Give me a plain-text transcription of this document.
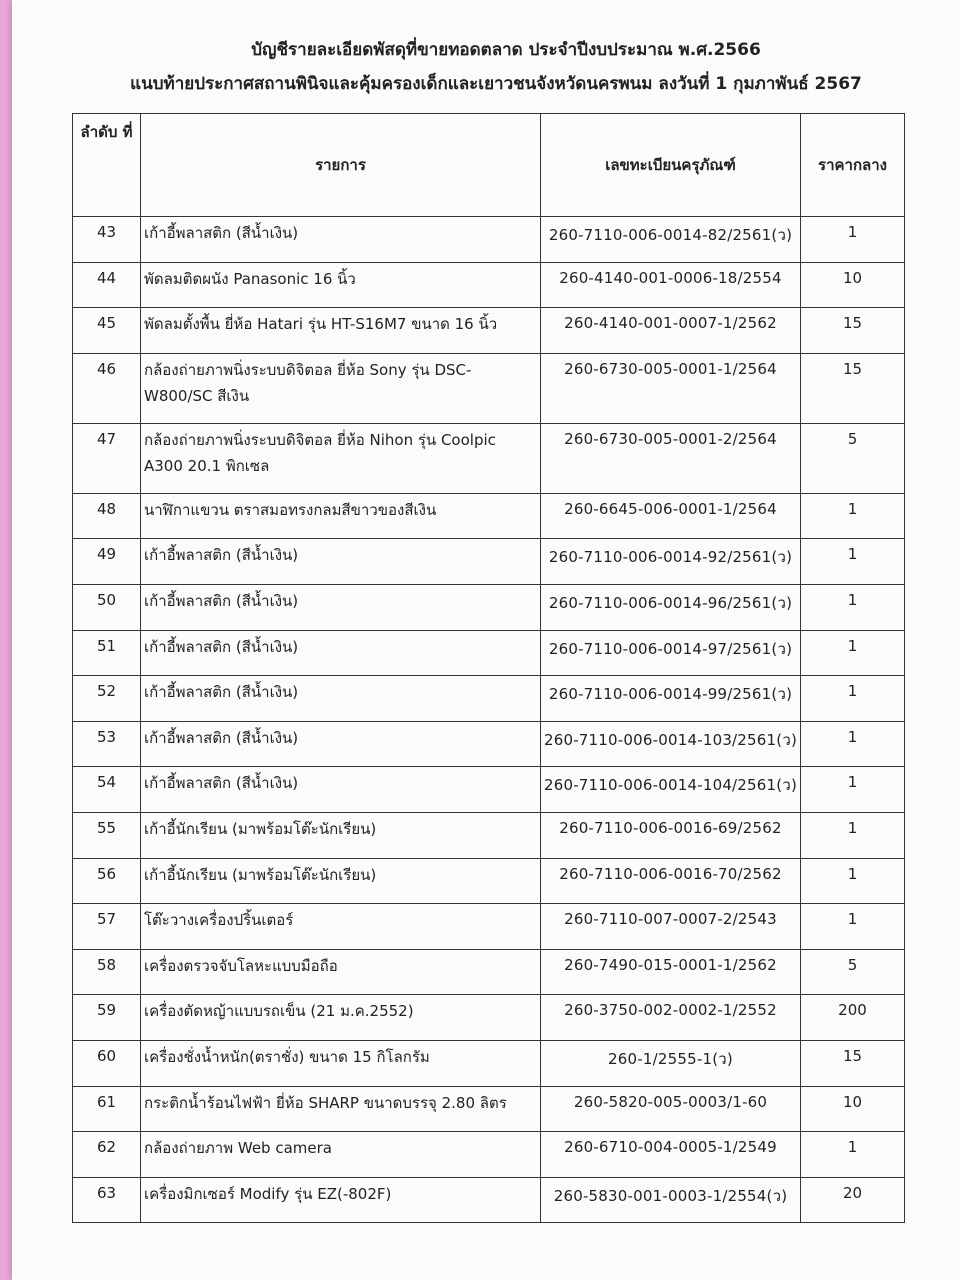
บัญชีรายละเอียดพัสดุที่ขายทอดตลาด ประจำปีงบประมาณ พ.ศ.2566
แนบท้ายประกาศสถานพินิจและคุ้มครองเด็กและเยาวชนจังหวัดนครพนม ลงวันที่ 1 กุมภาพันธ์ 2567
ลำดับ ที่	รายการ	เลขทะเบียนครุภัณฑ์	ราคากลาง
43	เก้าอี้พลาสติก (สีน้ำเงิน)	260-7110-006-0014-82/2561(ว)	1
44	พัดลมติดผนัง Panasonic 16 นิ้ว	260-4140-001-0006-18/2554	10
45	พัดลมตั้งพื้น ยี่ห้อ Hatari รุ่น HT-S16M7 ขนาด 16 นิ้ว	260-4140-001-0007-1/2562	15
46	กล้องถ่ายภาพนิ่งระบบดิจิตอล ยี่ห้อ Sony รุ่น DSC-W800/SC สีเงิน	260-6730-005-0001-1/2564	15
47	กล้องถ่ายภาพนิ่งระบบดิจิตอล ยี่ห้อ Nihon รุ่น Coolpic A300 20.1 พิกเซล	260-6730-005-0001-2/2564	5
48	นาฬิกาแขวน ตราสมอทรงกลมสีขาวของสีเงิน	260-6645-006-0001-1/2564	1
49	เก้าอี้พลาสติก (สีน้ำเงิน)	260-7110-006-0014-92/2561(ว)	1
50	เก้าอี้พลาสติก (สีน้ำเงิน)	260-7110-006-0014-96/2561(ว)	1
51	เก้าอี้พลาสติก (สีน้ำเงิน)	260-7110-006-0014-97/2561(ว)	1
52	เก้าอี้พลาสติก (สีน้ำเงิน)	260-7110-006-0014-99/2561(ว)	1
53	เก้าอี้พลาสติก (สีน้ำเงิน)	260-7110-006-0014-103/2561(ว)	1
54	เก้าอี้พลาสติก (สีน้ำเงิน)	260-7110-006-0014-104/2561(ว)	1
55	เก้าอี้นักเรียน (มาพร้อมโต๊ะนักเรียน)	260-7110-006-0016-69/2562	1
56	เก้าอี้นักเรียน (มาพร้อมโต๊ะนักเรียน)	260-7110-006-0016-70/2562	1
57	โต๊ะวางเครื่องปริ้นเตอร์	260-7110-007-0007-2/2543	1
58	เครื่องตรวจจับโลหะแบบมือถือ	260-7490-015-0001-1/2562	5
59	เครื่องตัดหญ้าแบบรถเข็น (21 ม.ค.2552)	260-3750-002-0002-1/2552	200
60	เครื่องชั่งน้ำหนัก(ตราชั่ง) ขนาด 15 กิโลกรัม	260-1/2555-1(ว)	15
61	กระติกน้ำร้อนไฟฟ้า ยี่ห้อ SHARP ขนาดบรรจุ 2.80 ลิตร	260-5820-005-0003/1-60	10
62	กล้องถ่ายภาพ Web camera	260-6710-004-0005-1/2549	1
63	เครื่องมิกเซอร์ Modify รุ่น EZ(-802F)	260-5830-001-0003-1/2554(ว)	20
